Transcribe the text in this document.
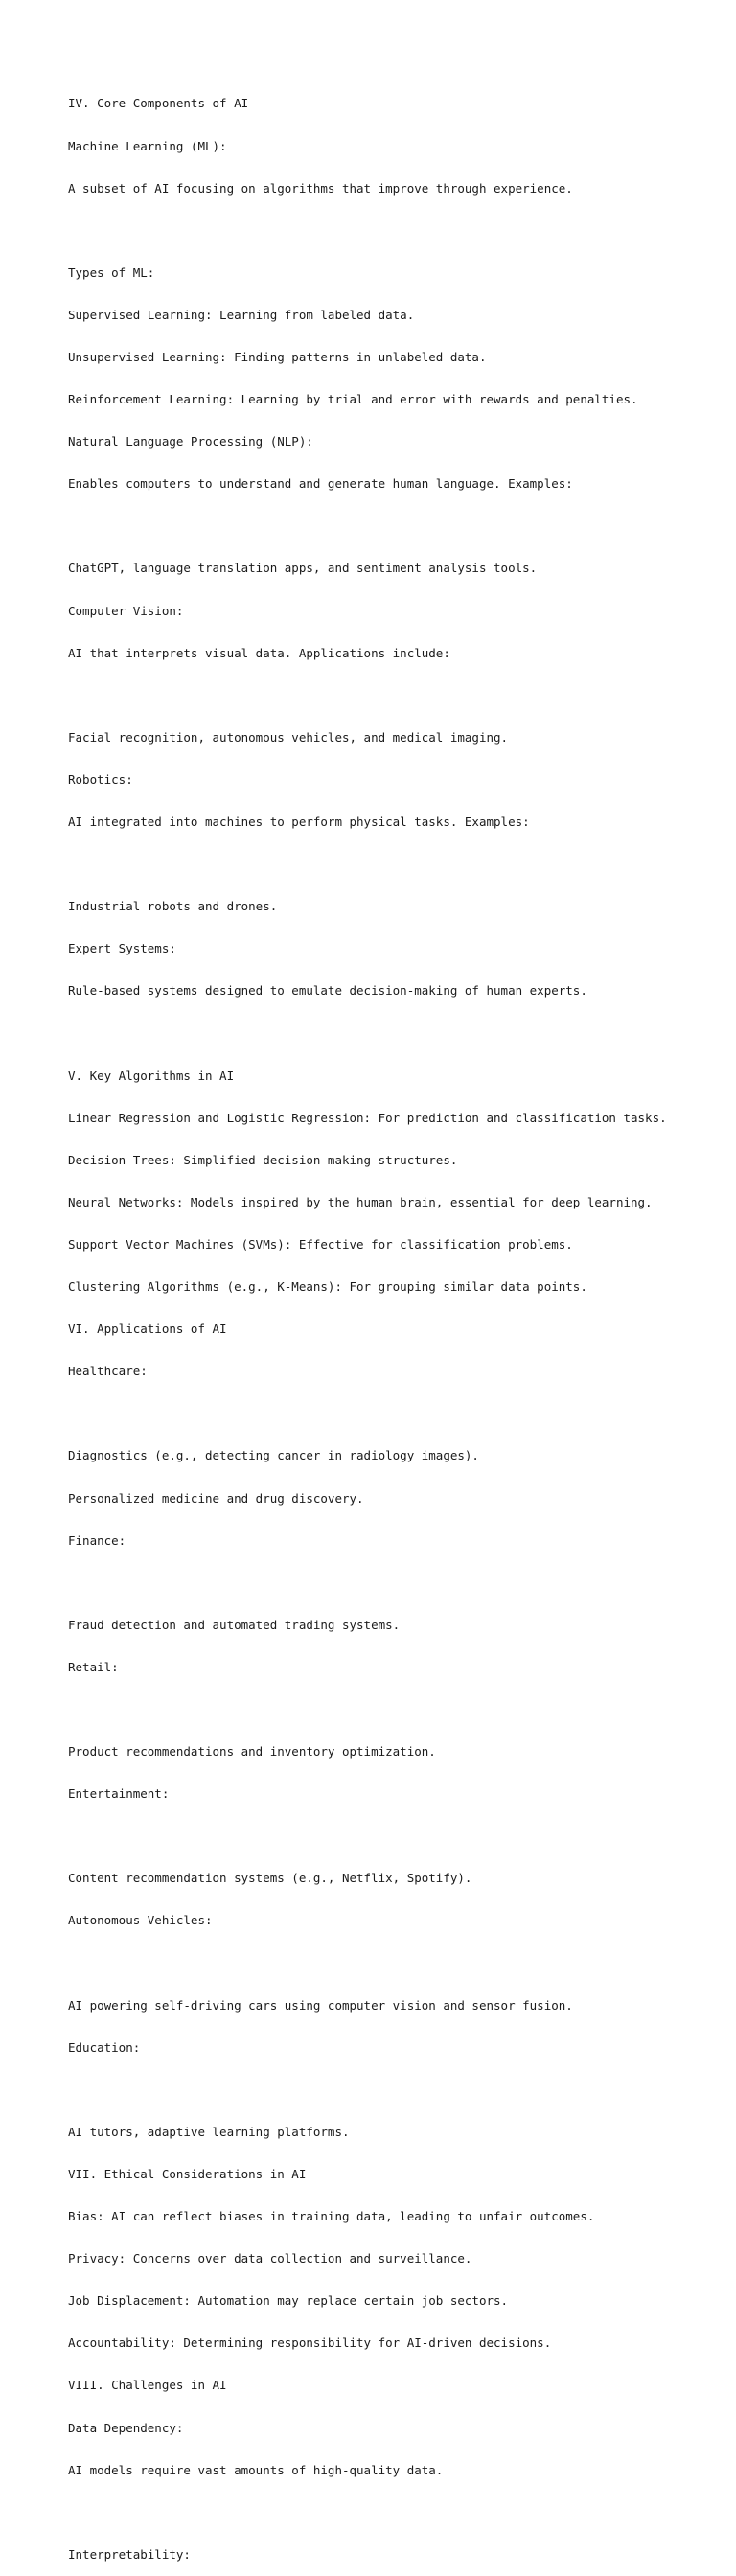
IV. Core Components of AI

Machine Learning (ML):

A subset of AI focusing on algorithms that improve through experience.

Types of ML:

Supervised Learning: Learning from labeled data.

Unsupervised Learning: Finding patterns in unlabeled data.

Reinforcement Learning: Learning by trial and error with rewards and penalties.

Natural Language Processing (NLP):

Enables computers to understand and generate human language. Examples:

ChatGPT, language translation apps, and sentiment analysis tools.

Computer Vision:

AI that interprets visual data. Applications include:

Facial recognition, autonomous vehicles, and medical imaging.

Robotics:

AI integrated into machines to perform physical tasks. Examples:

Industrial robots and drones.

Expert Systems:

Rule-based systems designed to emulate decision-making of human experts.

V. Key Algorithms in AI

Linear Regression and Logistic Regression: For prediction and classification tasks.

Decision Trees: Simplified decision-making structures.

Neural Networks: Models inspired by the human brain, essential for deep learning.

Support Vector Machines (SVMs): Effective for classification problems.

Clustering Algorithms (e.g., K-Means): For grouping similar data points.

VI. Applications of AI

Healthcare:

Diagnostics (e.g., detecting cancer in radiology images).

Personalized medicine and drug discovery.

Finance:

Fraud detection and automated trading systems.

Retail:

Product recommendations and inventory optimization.

Entertainment:

Content recommendation systems (e.g., Netflix, Spotify).

Autonomous Vehicles:

AI powering self-driving cars using computer vision and sensor fusion.

Education:

AI tutors, adaptive learning platforms.

VII. Ethical Considerations in AI

Bias: AI can reflect biases in training data, leading to unfair outcomes.

Privacy: Concerns over data collection and surveillance.

Job Displacement: Automation may replace certain job sectors.

Accountability: Determining responsibility for AI-driven decisions.

VIII. Challenges in AI

Data Dependency:

AI models require vast amounts of high-quality data.

Interpretability:
